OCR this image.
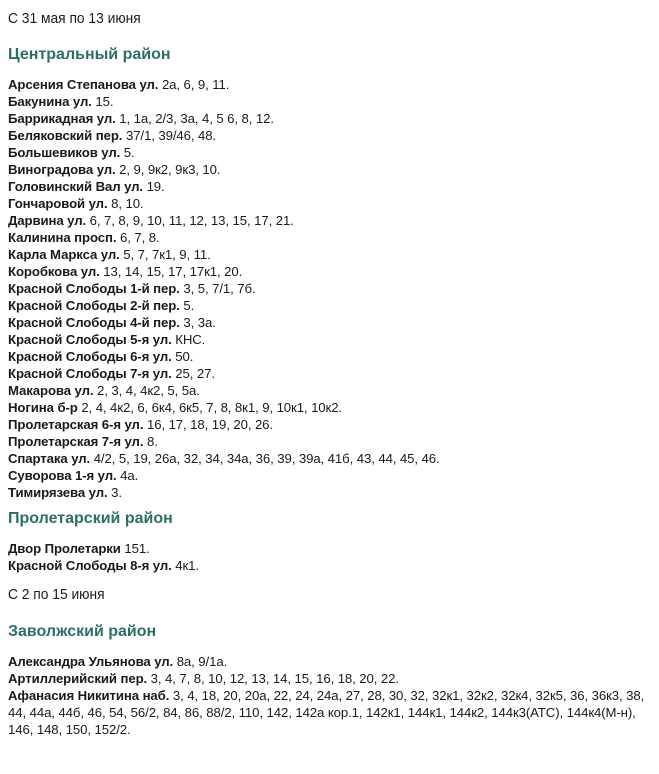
С 31 мая по 13 июня

Центральный район

Арсения Степанова ул. 2а, 6, 9, 11.
Бакунина ул. 15.
Баррикадная ул. 1, 1а, 2/3, 3а, 4, 5 6, 8, 12.
Беляковский пер. 37/1, 39/46, 48.
Большевиков ул. 5.
Виноградова ул. 2, 9, 9к2, 9к3, 10.
Головинский Вал ул. 19.
Гончаровой ул. 8, 10.
Дарвина ул. 6, 7, 8, 9, 10, 11, 12, 13, 15, 17, 21.
Калинина просп. 6, 7, 8.
Карла Маркса ул. 5, 7, 7к1, 9, 11.
Коробкова ул. 13, 14, 15, 17, 17к1, 20.
Красной Слободы 1-й пер. 3, 5, 7/1, 7б.
Красной Слободы 2-й пер. 5.
Красной Слободы 4-й пер. 3, 3а.
Красной Слободы 5-я ул. КНС.
Красной Слободы 6-я ул. 50.
Красной Слободы 7-я ул. 25, 27.
Макарова ул. 2, 3, 4, 4к2, 5, 5а.
Ногина б-р 2, 4, 4к2, 6, 6к4, 6к5, 7, 8, 8к1, 9, 10к1, 10к2.
Пролетарская 6-я ул. 16, 17, 18, 19, 20, 26.
Пролетарская 7-я ул. 8.
Спартака ул. 4/2, 5, 19, 26а, 32, 34, 34а, 36, 39, 39а, 41б, 43, 44, 45, 46.
Суворова 1-я ул. 4а.
Тимирязева ул. 3.

Пролетарский район

Двор Пролетарки 151.
Красной Слободы 8-я ул. 4к1.

С 2 по 15 июня

Заволжский район

Александра Ульянова ул. 8а, 9/1а.
Артиллерийский пер. 3, 4, 7, 8, 10, 12, 13, 14, 15, 16, 18, 20, 22.
Афанасия Никитина наб. 3, 4, 18, 20, 20а, 22, 24, 24а, 27, 28, 30, 32, 32к1, 32к2, 32к4, 32к5, 36, 36к3, 38, 44, 44а, 44б, 46, 54, 56/2, 84, 86, 88/2, 110, 142, 142а кор.1, 142к1, 144к1, 144к2, 144к3(АТС), 144к4(М-н), 146, 148, 150, 152/2.
